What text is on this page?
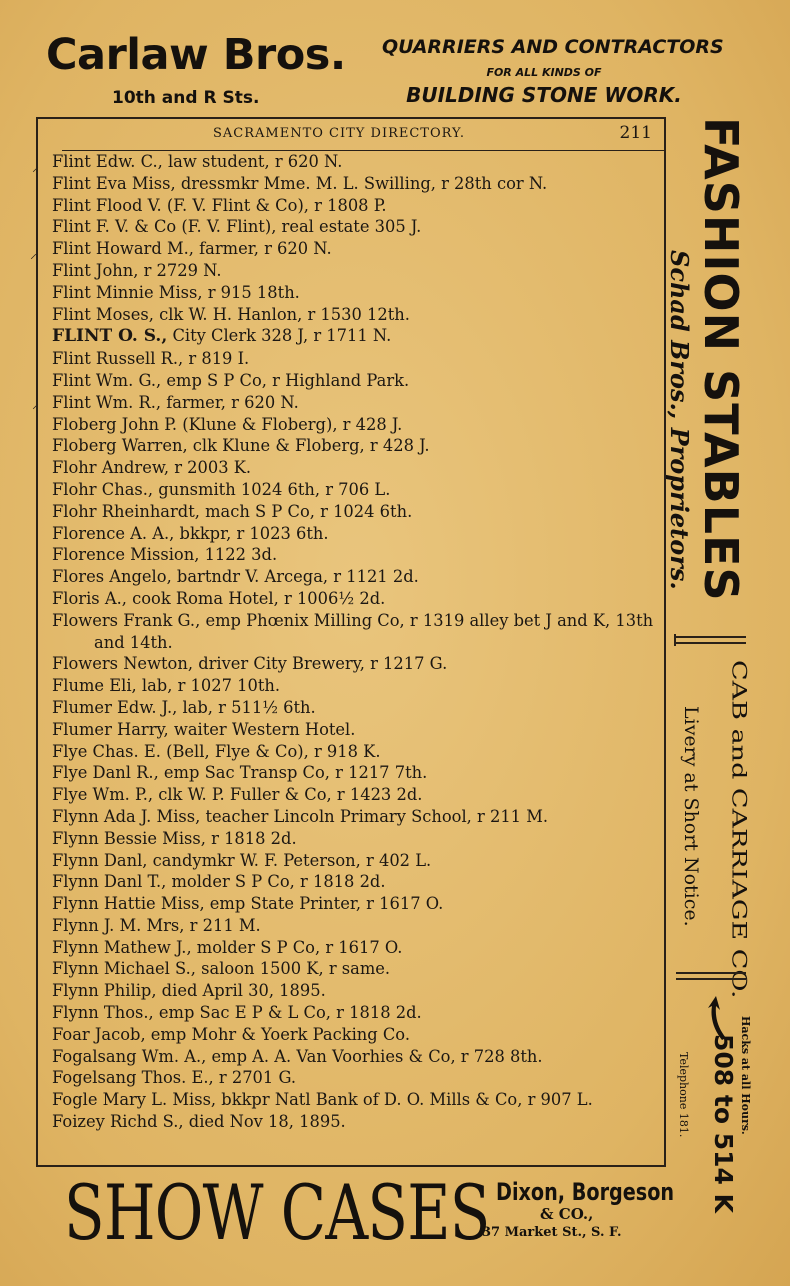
Carlaw Bros.
10th and R Sts.
QUARRIERS AND CONTRACTORS
FOR ALL KINDS OF
BUILDING STONE WORK.
SACRAMENTO CITY DIRECTORY.	211
⸝
⸝
⸝
Flint Edw. C., law student, r 620 N.
Flint Eva Miss, dressmkr Mme. M. L. Swilling, r 28th cor N.
Flint Flood V. (F. V. Flint & Co), r 1808 P.
Flint F. V. & Co (F. V. Flint), real estate 305 J.
Flint Howard M., farmer, r 620 N.
Flint John, r 2729 N.
Flint Minnie Miss, r 915 18th.
Flint Moses, clk W. H. Hanlon, r 1530 12th.
FLINT O. S., City Clerk 328 J, r 1711 N.
Flint Russell R., r 819 I.
Flint Wm. G., emp S P Co, r Highland Park.
Flint Wm. R., farmer, r 620 N.
Floberg John P. (Klune & Floberg), r 428 J.
Floberg Warren, clk Klune & Floberg, r 428 J.
Flohr Andrew, r 2003 K.
Flohr Chas., gunsmith 1024 6th, r 706 L.
Flohr Rheinhardt, mach S P Co, r 1024 6th.
Florence A. A., bkkpr, r 1023 6th.
Florence Mission, 1122 3d.
Flores Angelo, bartndr V. Arcega, r 1121 2d.
Floris A., cook Roma Hotel, r 1006½ 2d.
Flowers Frank G., emp Phœnix Milling Co, r 1319 alley bet J and K, 13th and 14th.
Flowers Newton, driver City Brewery, r 1217 G.
Flume Eli, lab, r 1027 10th.
Flumer Edw. J., lab, r 511½ 6th.
Flumer Harry, waiter Western Hotel.
Flye Chas. E. (Bell, Flye & Co), r 918 K.
Flye Danl R., emp Sac Transp Co, r 1217 7th.
Flye Wm. P., clk W. P. Fuller & Co, r 1423 2d.
Flynn Ada J. Miss, teacher Lincoln Primary School, r 211 M.
Flynn Bessie Miss, r 1818 2d.
Flynn Danl, candymkr W. F. Peterson, r 402 L.
Flynn Danl T., molder S P Co, r 1818 2d.
Flynn Hattie Miss, emp State Printer, r 1617 O.
Flynn J. M. Mrs, r 211 M.
Flynn Mathew J., molder S P Co, r 1617 O.
Flynn Michael S., saloon 1500 K, r same.
Flynn Philip, died April 30, 1895.
Flynn Thos., emp Sac E P & L Co, r 1818 2d.
Foar Jacob, emp Mohr & Yoerk Packing Co.
Fogalsang Wm. A., emp A. A. Van Voorhies & Co, r 728 8th.
Fogelsang Thos. E., r 2701 G.
Fogle Mary L. Miss, bkkpr Natl Bank of D. O. Mills & Co, r 907 L.
Foizey Richd S., died Nov 18, 1895.
FASHION STABLES
Schad Bros., Proprietors.
CAB and CARRIAGE CO.
Livery at Short Notice.
508 to 514 K Hacks at all Hours.
Telephone 181.
SHOW CASES Dixon, Borgeson
& CO.,
37 Market St., S. F.
